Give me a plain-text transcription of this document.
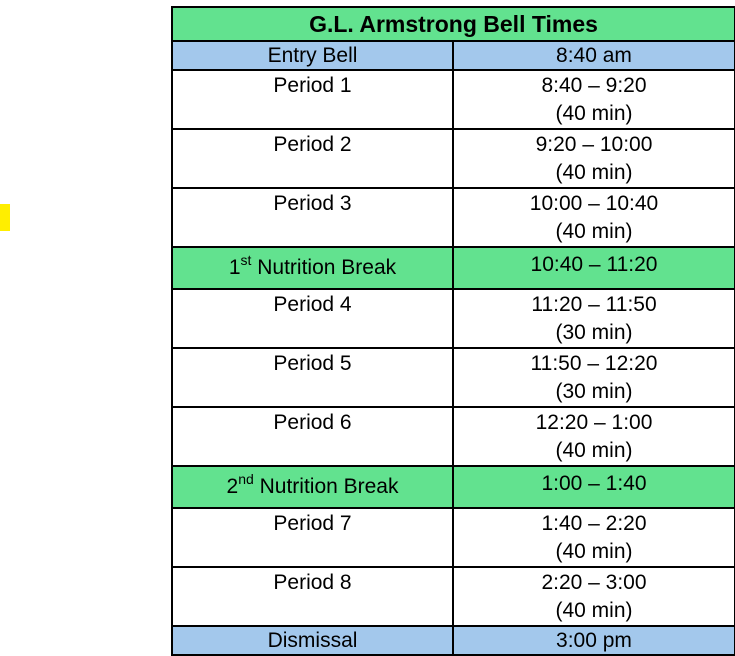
G.L. Armstrong Bell Times	
Entry Bell	8:40 am
Period 1	8:40 – 9:20
(40 min)

Period 2	9:20 – 10:00
(40 min)

Period 3	10:00 – 10:40
(40 min)

1st Nutrition Break	10:40 – 11:20
Period 4	11:20 – 11:50
(30 min)

Period 5	11:50 – 12:20
(30 min)

Period 6	12:20 – 1:00
(40 min)

2nd Nutrition Break	1:00 – 1:40
Period 7	1:40 – 2:20
(40 min)

Period 8	2:20 – 3:00
(40 min)

Dismissal	3:00 pm
